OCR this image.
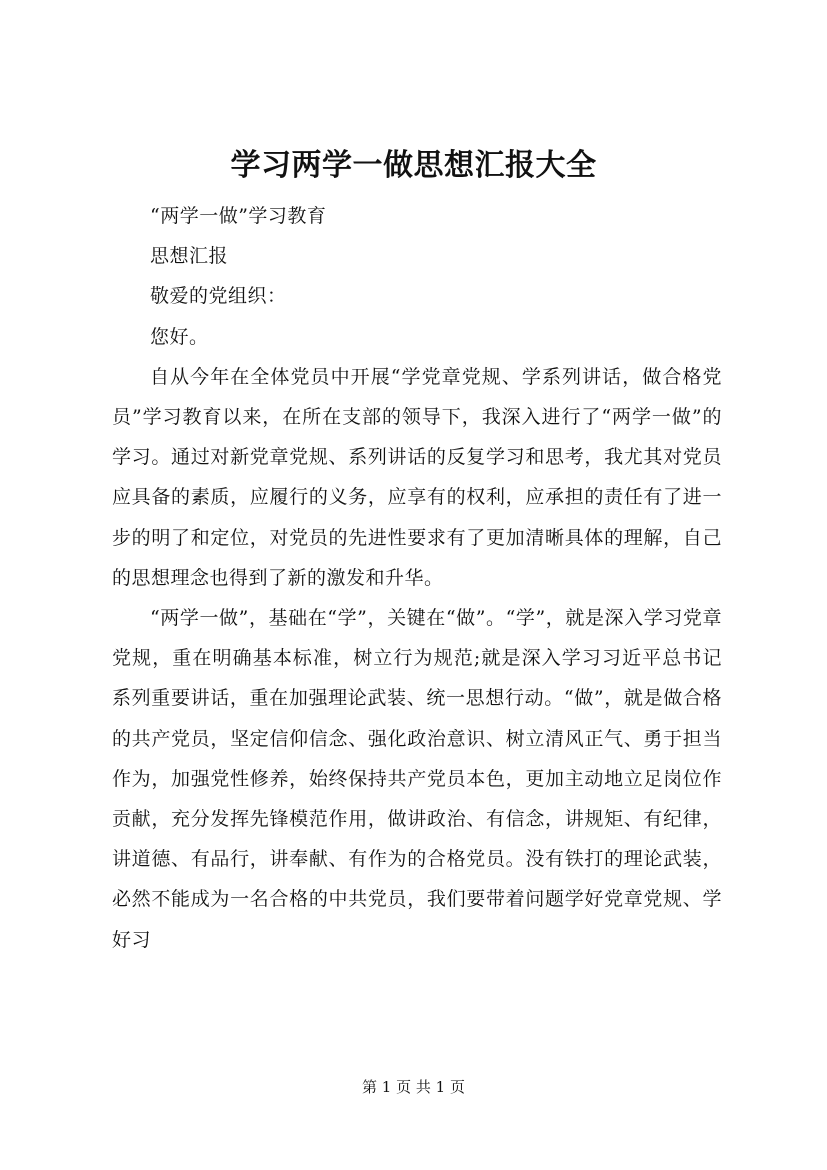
学习两学一做思想汇报大全

“两学一做”学习教育

思想汇报

敬爱的党组织：

您好。

自从今年在全体党员中开展“学党章党规、学系列讲话，做合格党员”学习教育以来，在所在支部的领导下，我深入进行了“两学一做”的学习。通过对新党章党规、系列讲话的反复学习和思考，我尤其对党员应具备的素质，应履行的义务，应享有的权利，应承担的责任有了进一步的明了和定位，对党员的先进性要求有了更加清晰具体的理解，自己的思想理念也得到了新的激发和升华。

“两学一做”，基础在“学”，关键在“做”。“学”，就是深入学习党章党规，重在明确基本标准，树立行为规范;就是深入学习习近平总书记系列重要讲话，重在加强理论武装、统一思想行动。“做”，就是做合格的共产党员，坚定信仰信念、强化政治意识、树立清风正气、勇于担当作为，加强党性修养，始终保持共产党员本色，更加主动地立足岗位作贡献，充分发挥先锋模范作用，做讲政治、有信念，讲规矩、有纪律，讲道德、有品行，讲奉献、有作为的合格党员。没有铁打的理论武装，必然不能成为一名合格的中共党员，我们要带着问题学好党章党规、学好习

第 1 页 共 1 页
